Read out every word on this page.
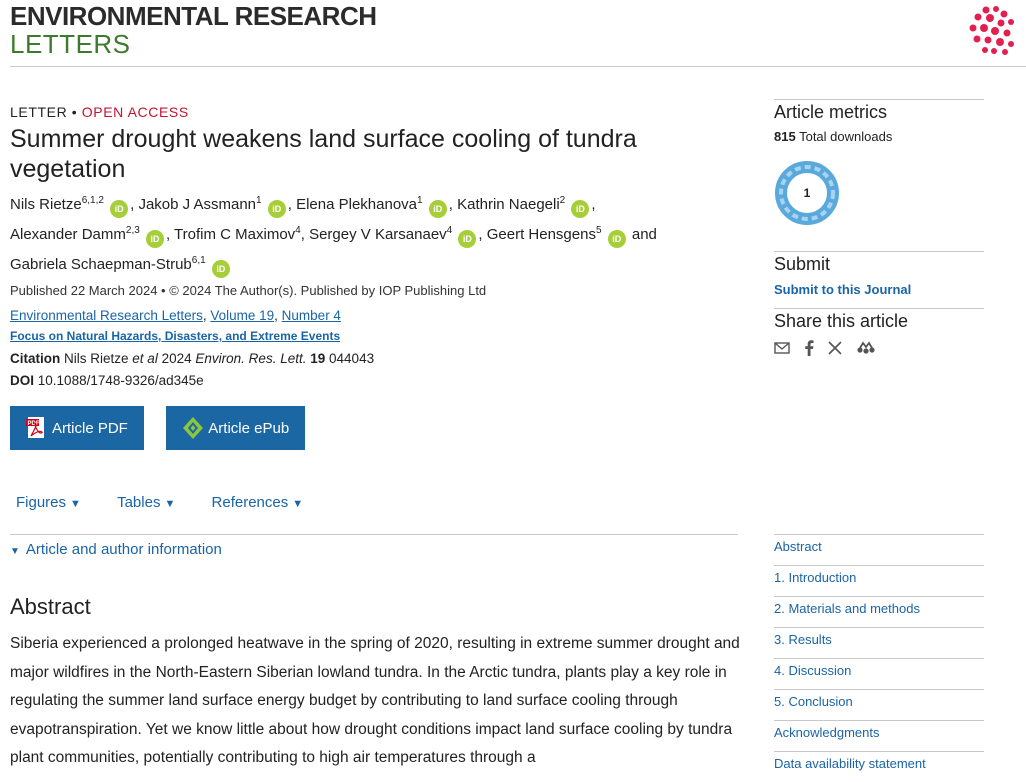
ENVIRONMENTAL RESEARCH
LETTERS
LETTER • OPEN ACCESS
Summer drought weakens land surface cooling of tundra vegetation
Nils Rietze$^{6,1,2}$ iD , Jakob J Assmann$^1$ iD , Elena Plekhanova$^1$ iD , Kathrin Naegeli$^2$ iD ,
Alexander Damm$^{2,3}$ iD , Trofim C Maximov$^4$, Sergey V Karsanaev$^4$ iD , Geert Hensgens$^5$ iD and
Gabriela Schaepman-Strub$^{6,1}$ iD
Published 22 March 2024 • © 2024 The Author(s). Published by IOP Publishing Ltd
Environmental Research Letters, Volume 19, Number 4
Focus on Natural Hazards, Disasters, and Extreme Events
Citation Nils Rietze et al 2024 Environ. Res. Lett. 19 044043
DOI 10.1088/1748-9326/ad345e
PDF Article PDF
	Article ePub
Figures ▼ Tables ▼ References ▼
▼ Article and author information
Abstract

Siberia experienced a prolonged heatwave in the spring of 2020, resulting in extreme summer drought and major wildfires in the North-Eastern Siberian lowland tundra. In the Arctic tundra, plants play a key role in regulating the summer land surface energy budget by contributing to land surface cooling through evapotranspiration. Yet we know little about how drought conditions impact land surface cooling by tundra plant communities, potentially contributing to high air temperatures through a

Article metrics
815 Total downloads
1
Submit
Submit to this Journal
Share this article
Abstract
1. Introduction
2. Materials and methods
3. Results
4. Discussion
5. Conclusion
Acknowledgments
Data availability statement
